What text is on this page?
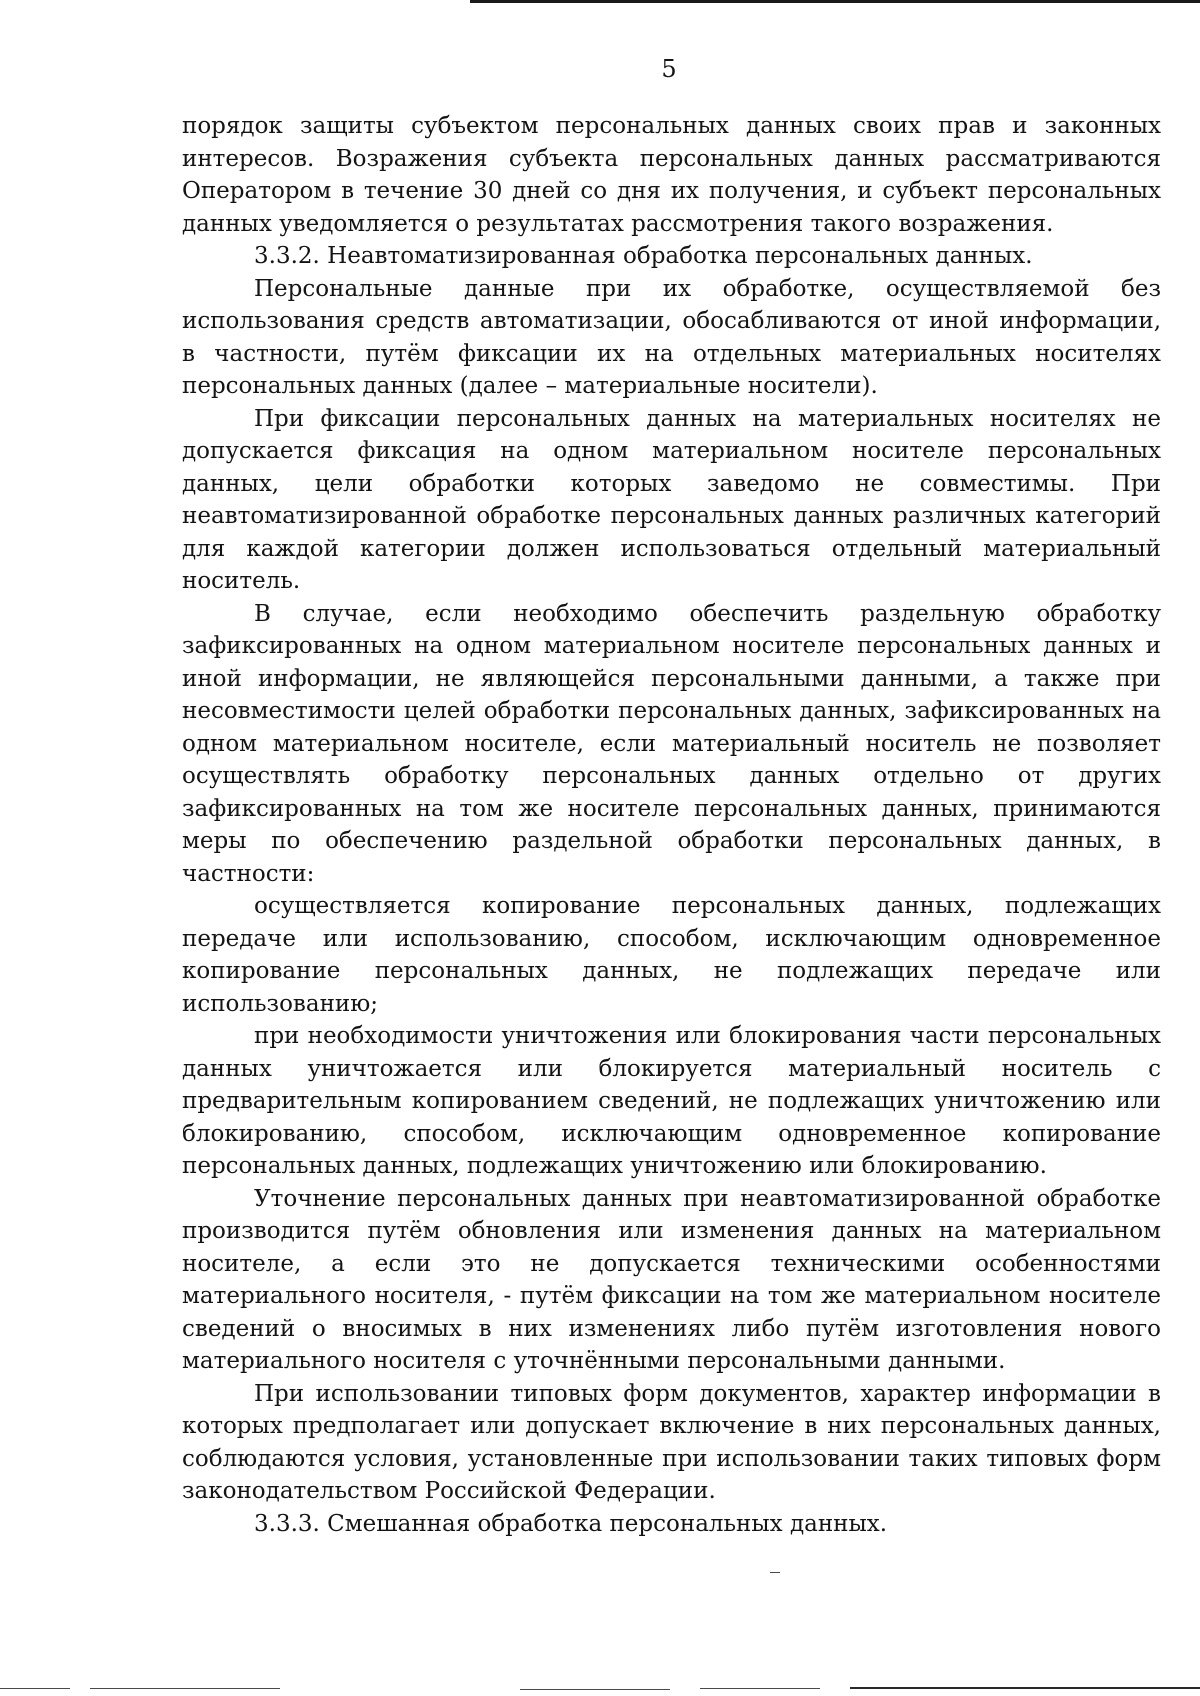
5

порядок защиты субъектом персональных данных своих прав и законных интересов. Возражения субъекта персональных данных рассматриваются Оператором в течение 30 дней со дня их получения, и субъект персональных данных уведомляется о результатах рассмотрения такого возражения.

3.3.2. Неавтоматизированная обработка персональных данных.

Персональные данные при их обработке, осуществляемой без использования средств автоматизации, обосабливаются от иной информации, в частности, путём фиксации их на отдельных материальных носителях персональных данных (далее – материальные носители).

При фиксации персональных данных на материальных носителях не допускается фиксация на одном материальном носителе персональных данных, цели обработки которых заведомо не совместимы. При неавтоматизированной обработке персональных данных различных категорий для каждой категории должен использоваться отдельный материальный носитель.

В случае, если необходимо обеспечить раздельную обработку зафиксированных на одном материальном носителе персональных данных и иной информации, не являющейся персональными данными, а также при несовместимости целей обработки персональных данных, зафиксированных на одном материальном носителе, если материальный носитель не позволяет осуществлять обработку персональных данных отдельно от других зафиксированных на том же носителе персональных данных, принимаются меры по обеспечению раздельной обработки персональных данных, в частности:

осуществляется копирование персональных данных, подлежащих передаче или использованию, способом, исключающим одновременное копирование персональных данных, не подлежащих передаче или использованию;

при необходимости уничтожения или блокирования части персональных данных уничтожается или блокируется материальный носитель с предварительным копированием сведений, не подлежащих уничтожению или блокированию, способом, исключающим одновременное копирование персональных данных, подлежащих уничтожению или блокированию.

Уточнение персональных данных при неавтоматизированной обработке производится путём обновления или изменения данных на материальном носителе, а если это не допускается техническими особенностями материального носителя, - путём фиксации на том же материальном носителе сведений о вносимых в них изменениях либо путём изготовления нового материального носителя с уточнёнными персональными данными.

При использовании типовых форм документов, характер информации в которых предполагает или допускает включение в них персональных данных, соблюдаются условия, установленные при использовании таких типовых форм законодательством Российской Федерации.

3.3.3. Смешанная обработка персональных данных.
